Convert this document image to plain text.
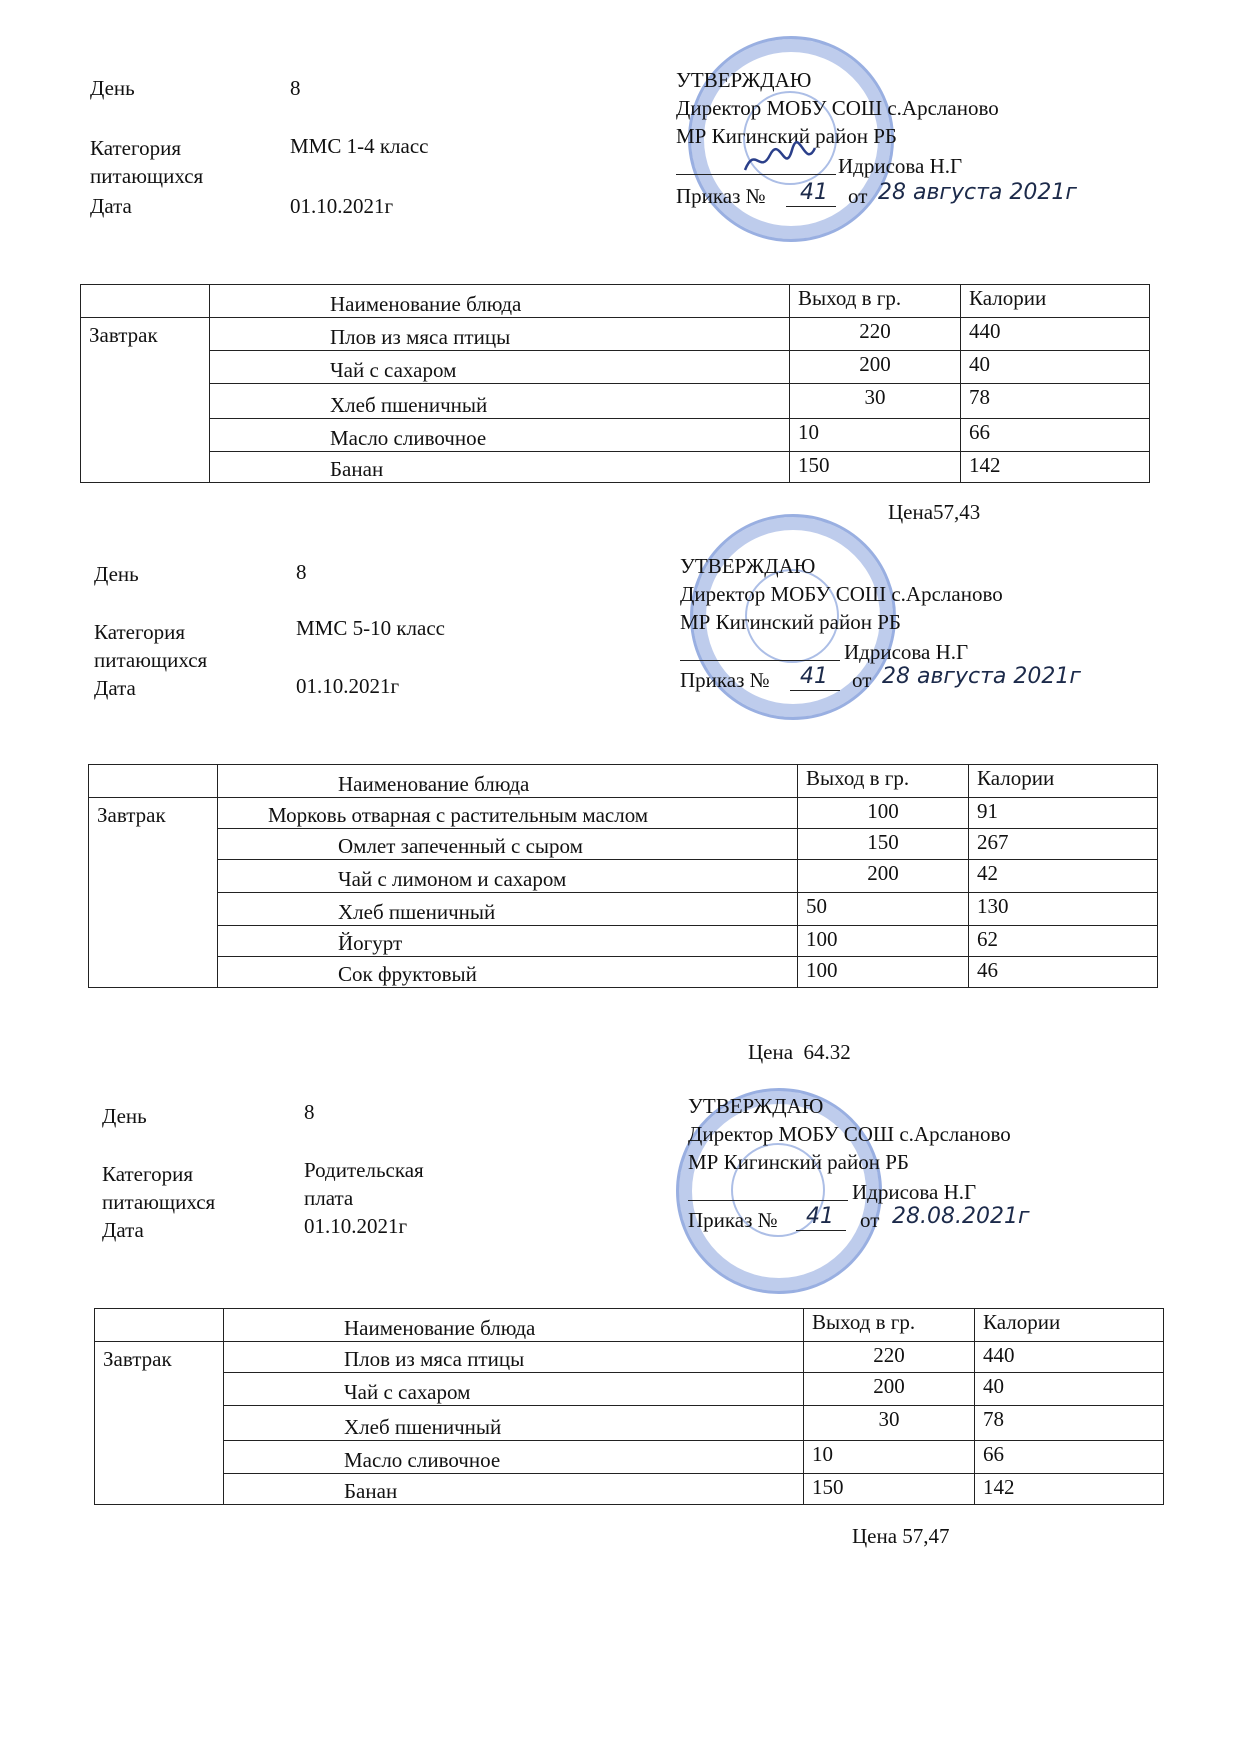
День	8
Категория
питающихся
ММС 1-4 класс
Дата	01.10.2021г
УТВЕРЖДАЮ
Директор МОБУ СОШ с.Арсланово
МР Кигинский район РБ
Идрисова Н.Г
Приказ № 41 от 28 августа 2021г
	Наименование блюда	Выход в гр.	Калории
Завтрак	Плов из мяса птицы	220	440
	Чай с сахаром	200	40
	Хлеб пшеничный	30	78
	Масло сливочное	10	66
	Банан	150	142
Цена57,43
День	8
Категория
питающихся
ММС 5-10 класс
Дата	01.10.2021г
УТВЕРЖДАЮ
Директор МОБУ СОШ с.Арсланово
МР Кигинский район РБ
Идрисова Н.Г
Приказ № 41 от 28 августа 2021г
	Наименование блюда	Выход в гр.	Калории
Завтрак	Морковь отварная с растительным маслом	100	91
	Омлет запеченный с сыром	150	267
	Чай с лимоном и сахаром	200	42
	Хлеб пшеничный	50	130
	Йогурт	100	62
	Сок фруктовый	100	46
Цена  64.32
День	8
Категория
питающихся
Родительская
плата
Дата	01.10.2021г
УТВЕРЖДАЮ
Директор МОБУ СОШ с.Арсланово
МР Кигинский район РБ
Идрисова Н.Г
Приказ № 41 от 28.08.2021г
	Наименование блюда	Выход в гр.	Калории
Завтрак	Плов из мяса птицы	220	440
	Чай с сахаром	200	40
	Хлеб пшеничный	30	78
	Масло сливочное	10	66
	Банан	150	142
Цена 57,47
